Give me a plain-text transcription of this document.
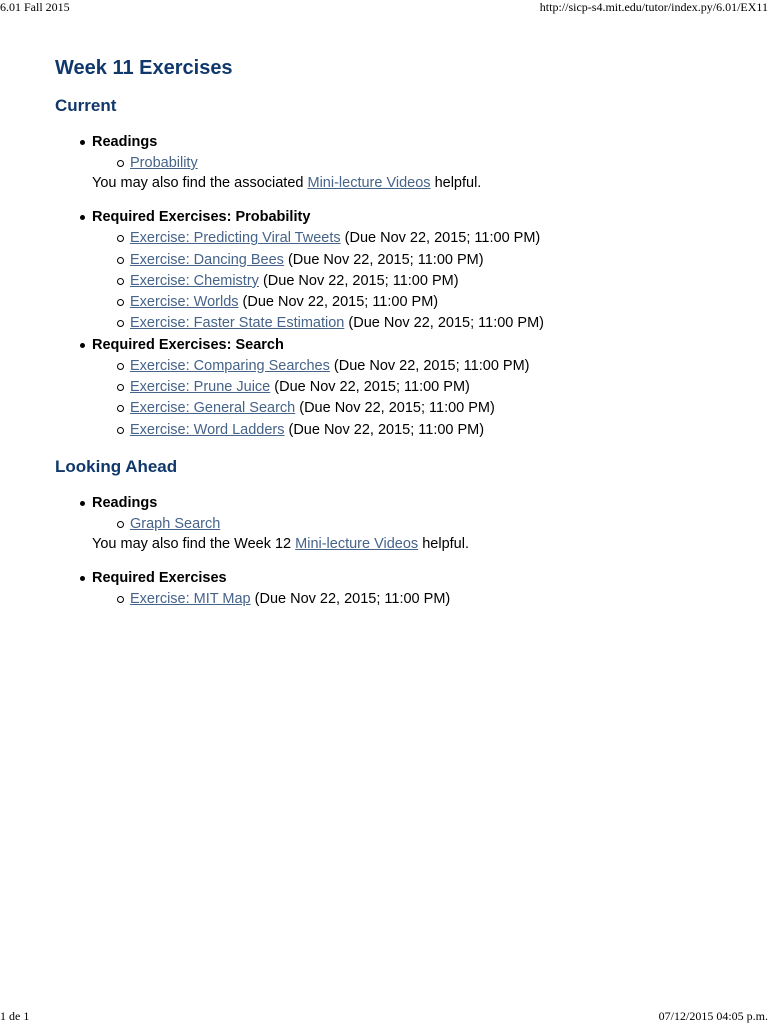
6.01 Fall 2015	http://sicp-s4.mit.edu/tutor/index.py/6.01/EX11
Week 11 Exercises
Current
Readings
Probability

You may also find the associated Mini-lecture Videos helpful.

Required Exercises: Probability
Exercise: Predicting Viral Tweets (Due Nov 22, 2015; 11:00 PM)
Exercise: Dancing Bees (Due Nov 22, 2015; 11:00 PM)
Exercise: Chemistry (Due Nov 22, 2015; 11:00 PM)
Exercise: Worlds (Due Nov 22, 2015; 11:00 PM)
Exercise: Faster State Estimation (Due Nov 22, 2015; 11:00 PM)
Required Exercises: Search
Exercise: Comparing Searches (Due Nov 22, 2015; 11:00 PM)
Exercise: Prune Juice (Due Nov 22, 2015; 11:00 PM)
Exercise: General Search (Due Nov 22, 2015; 11:00 PM)
Exercise: Word Ladders (Due Nov 22, 2015; 11:00 PM)
Looking Ahead
Readings
Graph Search

You may also find the Week 12 Mini-lecture Videos helpful.

Required Exercises
Exercise: MIT Map (Due Nov 22, 2015; 11:00 PM)
1 de 1	07/12/2015 04:05 p.m.
